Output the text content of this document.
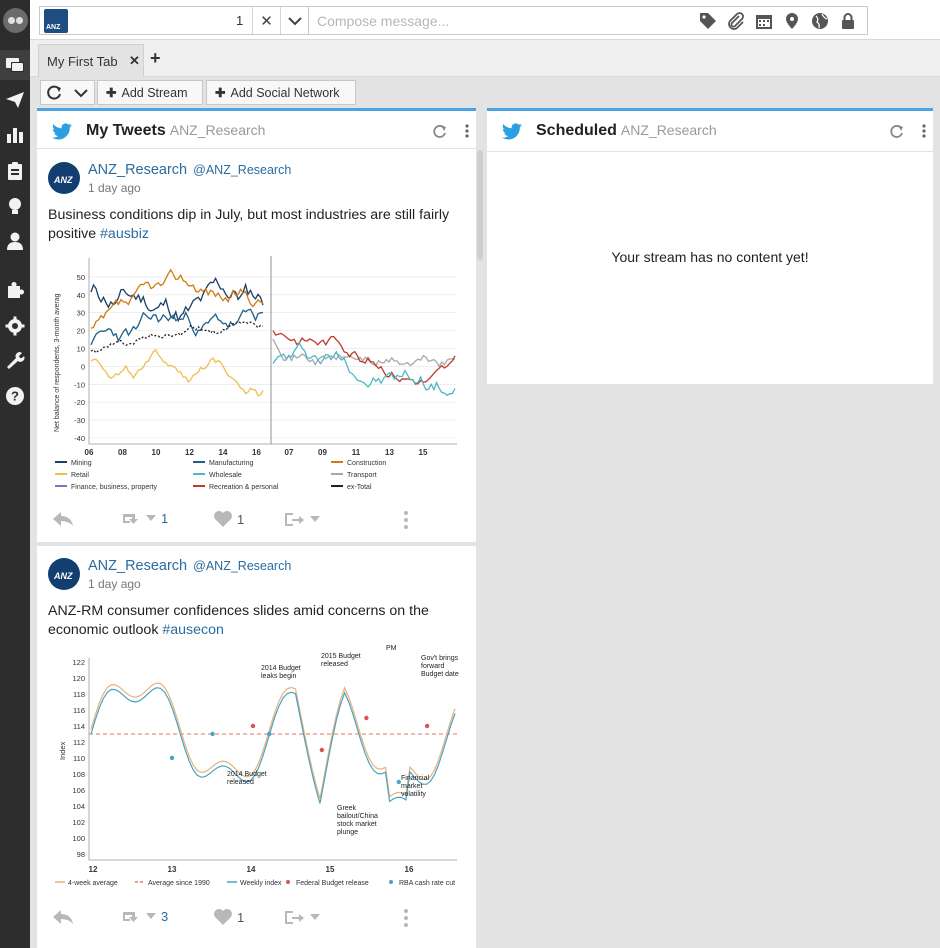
?
ANZ	1	✕	Compose message...
My First Tab ✕ +
✚ Add Stream ✚ Add Social Network
My Tweets ANZ_Research
ANZ
ANZ_Research @ANZ_Research
1 day ago
Business conditions dip in July, but most industries are still fairly positive #ausbiz
Net balance of respondents, 3-month averag
50
40
30
20
10
0
-10
-20
-30
-40
06	08	10	12	14	16	07	09	11	13	15
Mining	Manufacturing	Construction
Retail	Wholesale	Transport
Finance, business, property	Recreation & personal	ex-Total
1	1
ANZ
ANZ_Research @ANZ_Research
1 day ago
ANZ-RM consumer confidences slides amid concerns on the economic outlook #ausecon
Index
122
120
118
116
114
112
110
108
106
104
102
100
98
12	13	14	15	16
2014 Budget leaks begin
2015 Budget released
PM
Gov't brings forward Budget date
2014 Budget released
Greek bailout/China stock market plunge
Financial market volatility
4-week average	Average since 1990	Weekly index Federal Budget release	RBA cash rate cut
3	1
Scheduled ANZ_Research
Your stream has no content yet!
